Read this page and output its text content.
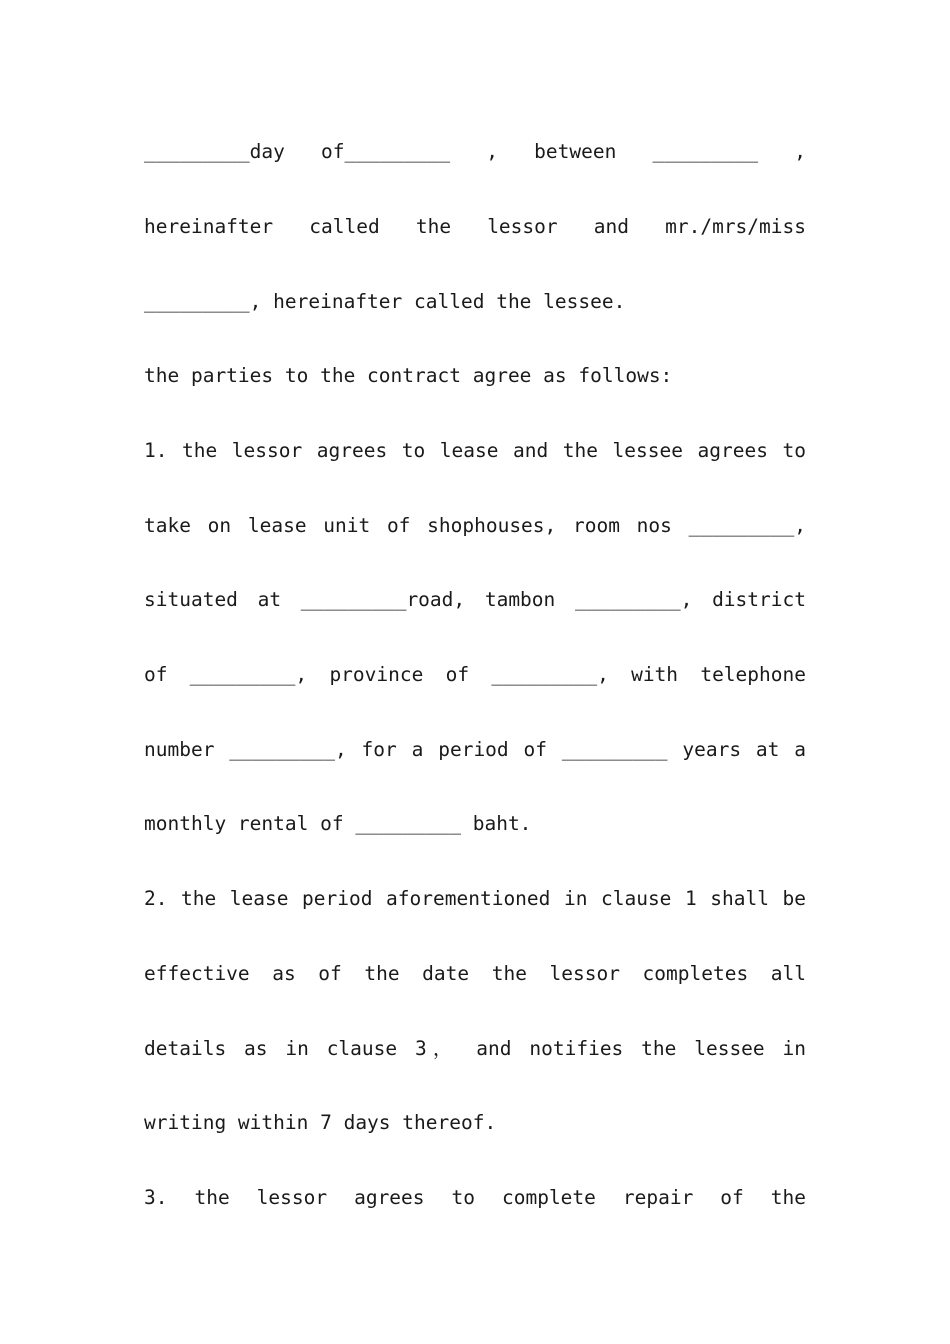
_________day of_________ , between _________ ,
hereinafter called the lessor and mr./mrs/miss
_________, hereinafter called the lessee.
the parties to the contract agree as follows:
1. the lessor agrees to lease and the lessee agrees to
take on lease unit of shophouses, room nos _________,
situated at _________road, tambon _________, district
of _________, province of _________, with telephone
number _________, for a period of _________ years at a
monthly rental of _________ baht.
2. the lease period aforementioned in clause 1 shall be
effective as of the date the lessor completes all
details as in clause 3， and notifies the lessee in
writing within 7 days thereof.
3. the lessor agrees to complete repair of the
